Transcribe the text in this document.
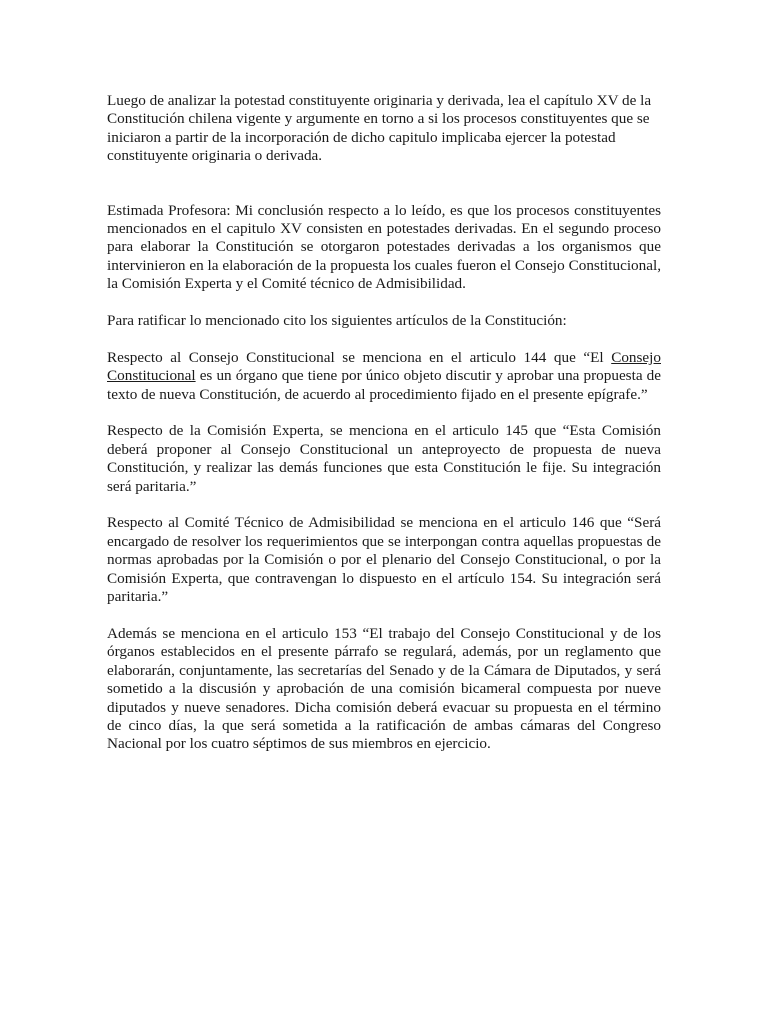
Luego de analizar la potestad constituyente originaria y derivada, lea el capítulo XV de la Constitución chilena vigente y argumente en torno a si los procesos constituyentes que se iniciaron a partir de la incorporación de dicho capitulo implicaba ejercer la potestad constituyente originaria o derivada.

Estimada Profesora: Mi conclusión respecto a lo leído, es que los procesos constituyentes mencionados en el capitulo XV consisten en potestades derivadas. En el segundo proceso para elaborar la Constitución se otorgaron potestades derivadas a los organismos que intervinieron en la elaboración de la propuesta los cuales fueron el Consejo Constitucional, la Comisión Experta y el Comité técnico de Admisibilidad.

Para ratificar lo mencionado cito los siguientes artículos de la Constitución:

Respecto al Consejo Constitucional se menciona en el articulo 144 que “El Consejo Constitucional es un órgano que tiene por único objeto discutir y aprobar una propuesta de texto de nueva Constitución, de acuerdo al procedimiento fijado en el presente epígrafe.”

Respecto de la Comisión Experta, se menciona en el articulo 145 que “Esta Comisión deberá proponer al Consejo Constitucional un anteproyecto de propuesta de nueva Constitución, y realizar las demás funciones que esta Constitución le fije. Su integración será paritaria.”

Respecto al Comité Técnico de Admisibilidad se menciona en el articulo 146 que “Será encargado de resolver los requerimientos que se interpongan contra aquellas propuestas de normas aprobadas por la Comisión o por el plenario del Consejo Constitucional, o por la Comisión Experta, que contravengan lo dispuesto en el artículo 154. Su integración será paritaria.”

Además se menciona en el articulo 153 “El trabajo del Consejo Constitucional y de los órganos establecidos en el presente párrafo se regulará, además, por un reglamento que elaborarán, conjuntamente, las secretarías del Senado y de la Cámara de Diputados, y será sometido a la discusión y aprobación de una comisión bicameral compuesta por nueve diputados y nueve senadores. Dicha comisión deberá evacuar su propuesta en el término de cinco días, la que será sometida a la ratificación de ambas cámaras del Congreso Nacional por los cuatro séptimos de sus miembros en ejercicio.
